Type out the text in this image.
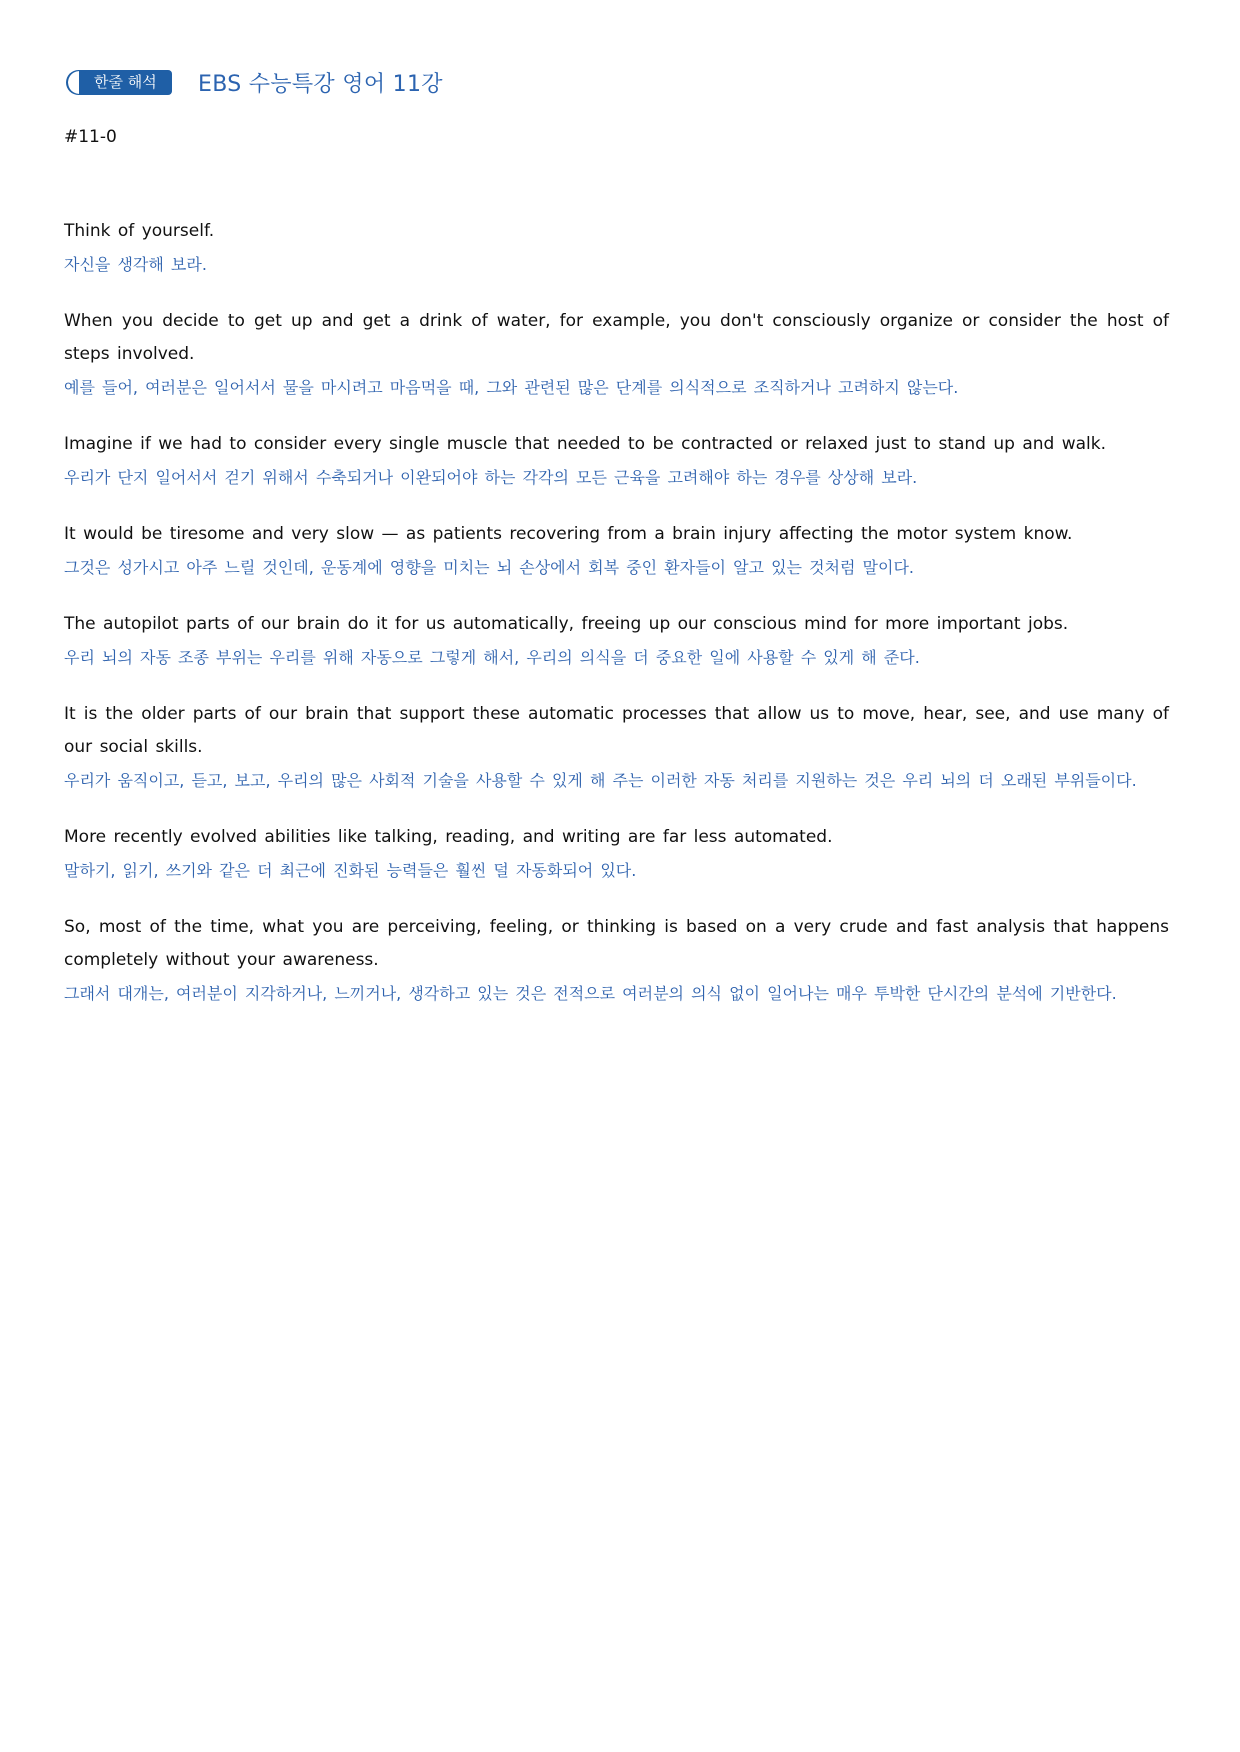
한줄 해석 EBS 수능특강 영어 11강
#11-0
Think of yourself.
자신을 생각해 보라.
When you decide to get up and get a drink of water, for example, you don't consciously organize or consider the host of steps involved.
예를 들어, 여러분은 일어서서 물을 마시려고 마음먹을 때, 그와 관련된 많은 단계를 의식적으로 조직하거나 고려하지 않는다.
Imagine if we had to consider every single muscle that needed to be contracted or relaxed just to stand up and walk.
우리가 단지 일어서서 걷기 위해서 수축되거나 이완되어야 하는 각각의 모든 근육을 고려해야 하는 경우를 상상해 보라.
It would be tiresome and very slow — as patients recovering from a brain injury affecting the motor system know.
그것은 성가시고 아주 느릴 것인데, 운동계에 영향을 미치는 뇌 손상에서 회복 중인 환자들이 알고 있는 것처럼 말이다.
The autopilot parts of our brain do it for us automatically, freeing up our conscious mind for more important jobs.
우리 뇌의 자동 조종 부위는 우리를 위해 자동으로 그렇게 해서, 우리의 의식을 더 중요한 일에 사용할 수 있게 해 준다.
It is the older parts of our brain that support these automatic processes that allow us to move, hear, see, and use many of our social skills.
우리가 움직이고, 듣고, 보고, 우리의 많은 사회적 기술을 사용할 수 있게 해 주는 이러한 자동 처리를 지원하는 것은 우리 뇌의 더 오래된 부위들이다.
More recently evolved abilities like talking, reading, and writing are far less automated.
말하기, 읽기, 쓰기와 같은 더 최근에 진화된 능력들은 훨씬 덜 자동화되어 있다.
So, most of the time, what you are perceiving, feeling, or thinking is based on a very crude and fast analysis that happens completely without your awareness.
그래서 대개는, 여러분이 지각하거나, 느끼거나, 생각하고 있는 것은 전적으로 여러분의 의식 없이 일어나는 매우 투박한 단시간의 분석에 기반한다.
